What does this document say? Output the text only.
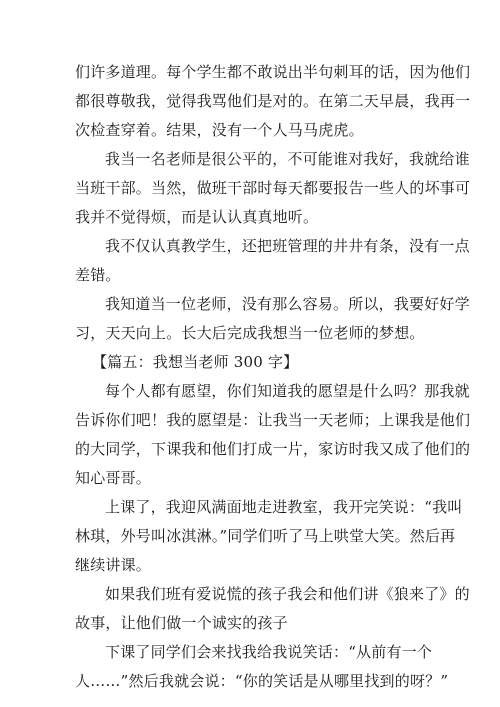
们许多道理。每个学生都不敢说出半句刺耳的话，因为他们
都很尊敬我，觉得我骂他们是对的。在第二天早晨，我再一
次检查穿着。结果，没有一个人马马虎虎。
我当一名老师是很公平的，不可能谁对我好，我就给谁
当班干部。当然，做班干部时每天都要报告一些人的坏事可
我并不觉得烦，而是认认真真地听。
我不仅认真教学生，还把班管理的井井有条，没有一点
差错。
我知道当一位老师，没有那么容易。所以，我要好好学
习，天天向上。长大后完成我想当一位老师的梦想。
【篇五：我想当老师 300 字】
每个人都有愿望，你们知道我的愿望是什么吗？那我就
告诉你们吧！我的愿望是：让我当一天老师；上课我是他们
的大同学，下课我和他们打成一片，家访时我又成了他们的
知心哥哥。
上课了，我迎风满面地走进教室，我开完笑说：“我叫
林琪，外号叫冰淇淋。”同学们听了马上哄堂大笑。然后再
继续讲课。
如果我们班有爱说慌的孩子我会和他们讲《狼来了》的
故事，让他们做一个诚实的孩子
下课了同学们会来找我给我说笑话：“从前有一个
人……”然后我就会说：“你的笑话是从哪里找到的呀？”
